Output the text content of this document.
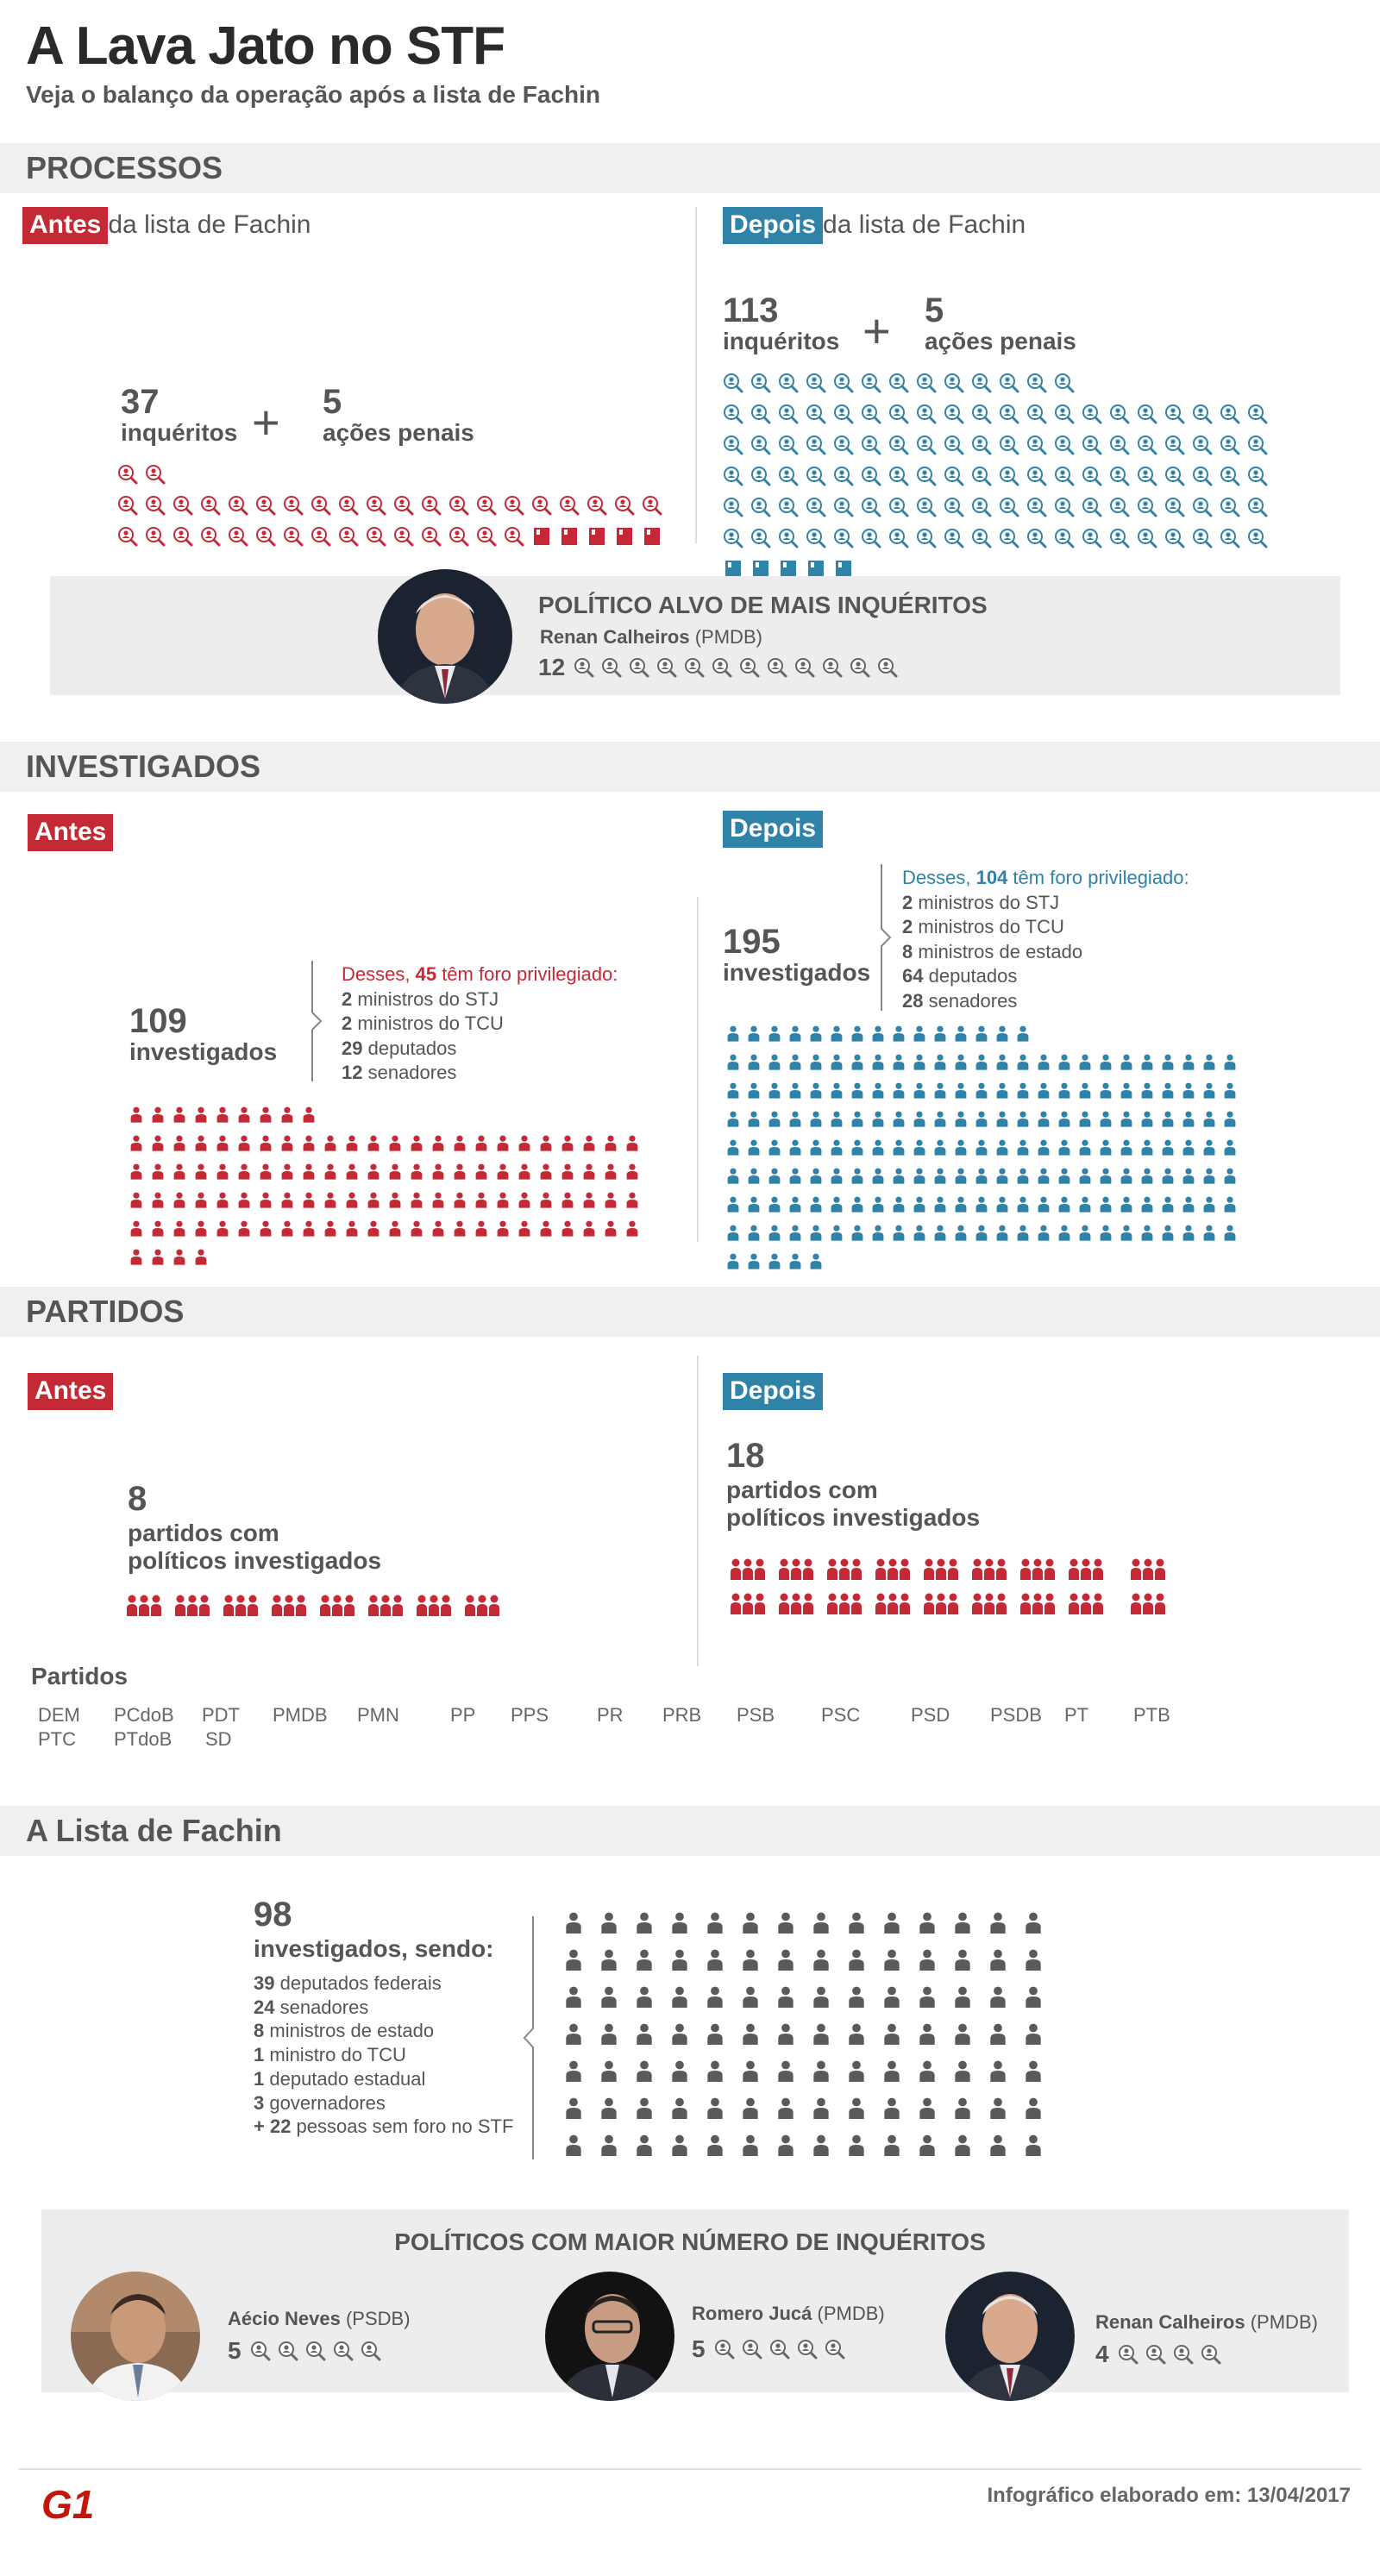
A Lava Jato no STF
Veja o balanço da operação após a lista de Fachin
PROCESSOS
Antes da lista de Fachin	Depois da lista de Fachin
37
inquéritos + 5
ações penais
113
inquéritos + 5
ações penais
POLÍTICO ALVO DE MAIS INQUÉRITOS
Renan Calheiros (PMDB)
12
INVESTIGADOS
Antes	Depois
109
investigados
Desses, 45 têm foro privilegiado:
2 ministros do STJ
2 ministros do TCU
29 deputados
12 senadores
195
investigados
Desses, 104 têm foro privilegiado:
2 ministros do STJ
2 ministros do TCU
8 ministros de estado
64 deputados
28 senadores
PARTIDOS
Antes	Depois
8
partidos com
políticos investigados
18
partidos com
políticos investigados
Partidos
DEM PCdoB PDT PMDB PMN	PP PPS	PR PRB PSB PSC	PSD PSDB PT PTB
PTC PTdoB SD
A Lista de Fachin
98
investigados, sendo:
39 deputados federais
24 senadores
8 ministros de estado
1 ministro do TCU
1 deputado estadual
3 governadores
+ 22 pessoas sem foro no STF
POLÍTICOS COM MAIOR NÚMERO DE INQUÉRITOS
Aécio Neves (PSDB)
5
Romero Jucá (PMDB)
5
Renan Calheiros (PMDB)
4
G1	Infográfico elaborado em: 13/04/2017
